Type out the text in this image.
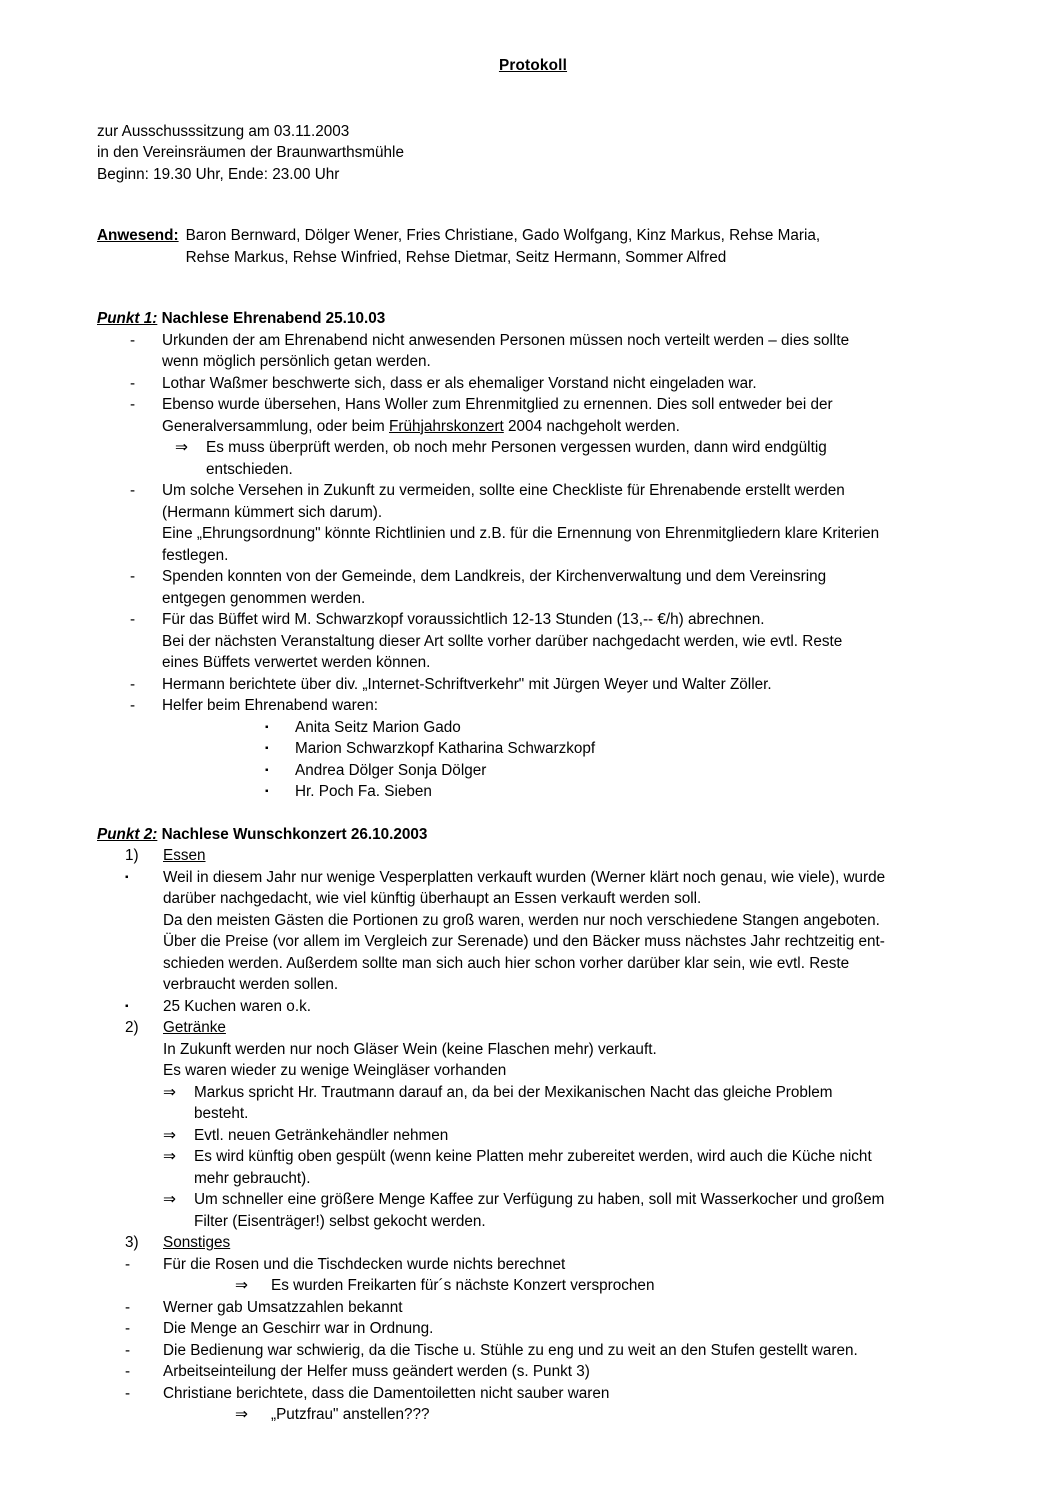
Protokoll
zur Ausschusssitzung am 03.11.2003
in den Vereinsräumen der Braunwarthsmühle
Beginn: 19.30 Uhr, Ende: 23.00 Uhr
Anwesend: Baron Bernward, Dölger Wener, Fries Christiane, Gado Wolfgang, Kinz Markus, Rehse Maria,
Rehse Markus, Rehse Winfried, Rehse Dietmar, Seitz Hermann, Sommer Alfred
Punkt 1: Nachlese Ehrenabend 25.10.03
-	Urkunden der am Ehrenabend nicht anwesenden Personen müssen noch verteilt werden – dies sollte
wenn möglich persönlich getan werden.
-	Lothar Waßmer beschwerte sich, dass er als ehemaliger Vorstand nicht eingeladen war.
-	Ebenso wurde übersehen, Hans Woller zum Ehrenmitglied zu ernennen. Dies soll entweder bei der
Generalversammlung, oder beim Frühjahrskonzert 2004 nachgeholt werden.
⇒	Es muss überprüft werden, ob noch mehr Personen vergessen wurden, dann wird endgültig
entschieden.
-	Um solche Versehen in Zukunft zu vermeiden, sollte eine Checkliste für Ehrenabende erstellt werden
(Hermann kümmert sich darum).
Eine „Ehrungsordnung" könnte Richtlinien und z.B. für die Ernennung von Ehrenmitgliedern klare Kriterien
festlegen.
-	Spenden konnten von der Gemeinde, dem Landkreis, der Kirchenverwaltung und dem Vereinsring
entgegen genommen werden.
-	Für das Büffet wird M. Schwarzkopf voraussichtlich 12-13 Stunden (13,-- €/h) abrechnen.
Bei der nächsten Veranstaltung dieser Art sollte vorher darüber nachgedacht werden, wie evtl. Reste
eines Büffets verwertet werden können.
-	Hermann berichtete über div. „Internet-Schriftverkehr" mit Jürgen Weyer und Walter Zöller.
-	Helfer beim Ehrenabend waren:
▪	Anita Seitz Marion Gado
▪	Marion Schwarzkopf Katharina Schwarzkopf
▪	Andrea Dölger Sonja Dölger
▪	Hr. Poch Fa. Sieben
Punkt 2: Nachlese Wunschkonzert 26.10.2003
1)	Essen
▪	Weil in diesem Jahr nur wenige Vesperplatten verkauft wurden (Werner klärt noch genau, wie viele), wurde
darüber nachgedacht, wie viel künftig überhaupt an Essen verkauft werden soll.
Da den meisten Gästen die Portionen zu groß waren, werden nur noch verschiedene Stangen angeboten.
Über die Preise (vor allem im Vergleich zur Serenade) und den Bäcker muss nächstes Jahr rechtzeitig ent-
schieden werden. Außerdem sollte man sich auch hier schon vorher darüber klar sein, wie evtl. Reste
verbraucht werden sollen.
▪	25 Kuchen waren o.k.
2)	Getränke
In Zukunft werden nur noch Gläser Wein (keine Flaschen mehr) verkauft.
Es waren wieder zu wenige Weingläser vorhanden
⇒	Markus spricht Hr. Trautmann darauf an, da bei der Mexikanischen Nacht das gleiche Problem
besteht.
⇒	Evtl. neuen Getränkehändler nehmen
⇒	Es wird künftig oben gespült (wenn keine Platten mehr zubereitet werden, wird auch die Küche nicht
mehr gebraucht).
⇒	Um schneller eine größere Menge Kaffee zur Verfügung zu haben, soll mit Wasserkocher und großem
Filter (Eisenträger!) selbst gekocht werden.
3)	Sonstiges
-	Für die Rosen und die Tischdecken wurde nichts berechnet
⇒	Es wurden Freikarten für´s nächste Konzert versprochen
-	Werner gab Umsatzzahlen bekannt
-	Die Menge an Geschirr war in Ordnung.
-	Die Bedienung war schwierig, da die Tische u. Stühle zu eng und zu weit an den Stufen gestellt waren.
-	Arbeitseinteilung der Helfer muss geändert werden (s. Punkt 3)
-	Christiane berichtete, dass die Damentoiletten nicht sauber waren
⇒	„Putzfrau" anstellen???
